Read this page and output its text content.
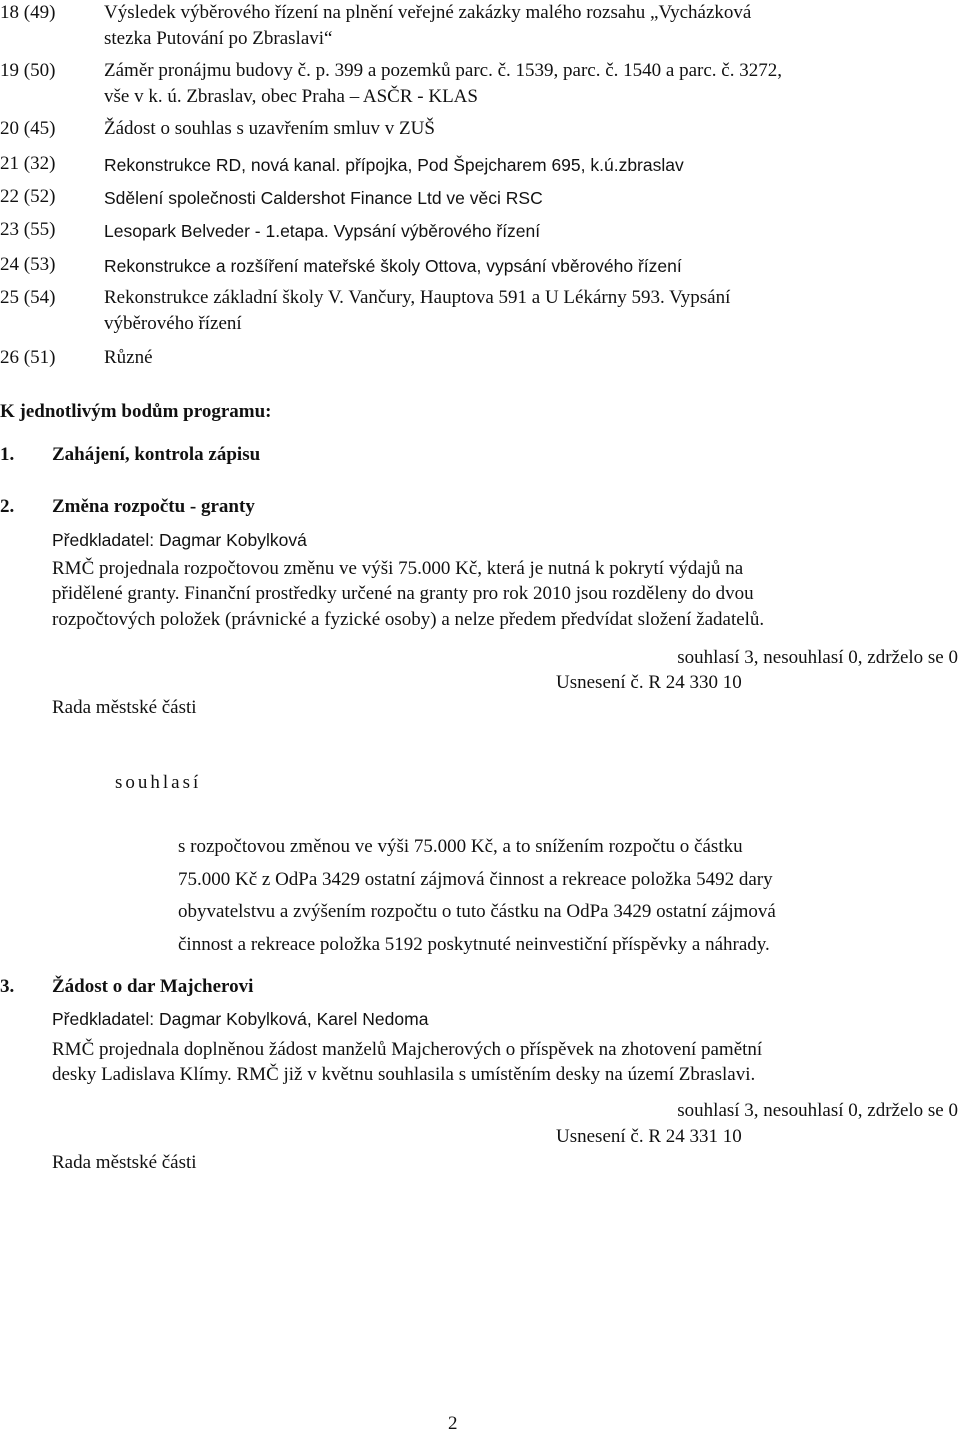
18 (49)	Výsledek výběrového řízení na plnění veřejné zakázky malého rozsahu „Vycházková
stezka Putování po Zbraslavi“
19 (50)	Záměr pronájmu budovy č. p. 399 a pozemků parc. č. 1539, parc. č. 1540 a parc. č. 3272,
vše v k. ú. Zbraslav, obec Praha – ASČR - KLAS
20 (45)	Žádost o souhlas s uzavřením smluv v ZUŠ
21 (32)	Rekonstrukce RD, nová kanal. přípojka, Pod Špejcharem 695, k.ú.zbraslav
22 (52)	Sdělení společnosti Caldershot Finance Ltd ve věci RSC
23 (55)	Lesopark Belveder - 1.etapa. Vypsání výběrového řízení
24 (53)	Rekonstrukce a rozšíření mateřské školy Ottova, vypsání vběrového řízení
25 (54)	Rekonstrukce základní školy V. Vančury, Hauptova 591 a U Lékárny 593. Vypsání
výběrového řízení
26 (51)	Různé
K jednotlivým bodům programu:
1. Zahájení, kontrola zápisu
2. Změna rozpočtu - granty
Předkladatel: Dagmar Kobylková
RMČ projednala rozpočtovou změnu ve výši 75.000 Kč, která je nutná k pokrytí výdajů na
přidělené granty. Finanční prostředky určené na granty pro rok 2010 jsou rozděleny do dvou
rozpočtových položek (právnické a fyzické osoby) a nelze předem předvídat složení žadatelů.
souhlasí 3, nesouhlasí 0, zdrželo se 0
Usnesení č. R 24 330 10
Rada městské části
souhlasí
s rozpočtovou změnou ve výši 75.000 Kč, a to snížením rozpočtu o částku
75.000 Kč z OdPa 3429 ostatní zájmová činnost a rekreace položka 5492 dary
obyvatelstvu a zvýšením rozpočtu o tuto částku na OdPa 3429 ostatní zájmová
činnost a rekreace položka 5192 poskytnuté neinvestiční příspěvky a náhrady.
3. Žádost o dar Majcherovi
Předkladatel: Dagmar Kobylková, Karel Nedoma
RMČ projednala doplněnou žádost manželů Majcherových o příspěvek na zhotovení pamětní
desky Ladislava Klímy. RMČ již v květnu souhlasila s umístěním desky na území Zbraslavi.
souhlasí 3, nesouhlasí 0, zdrželo se 0
Usnesení č. R 24 331 10
Rada městské části
2
